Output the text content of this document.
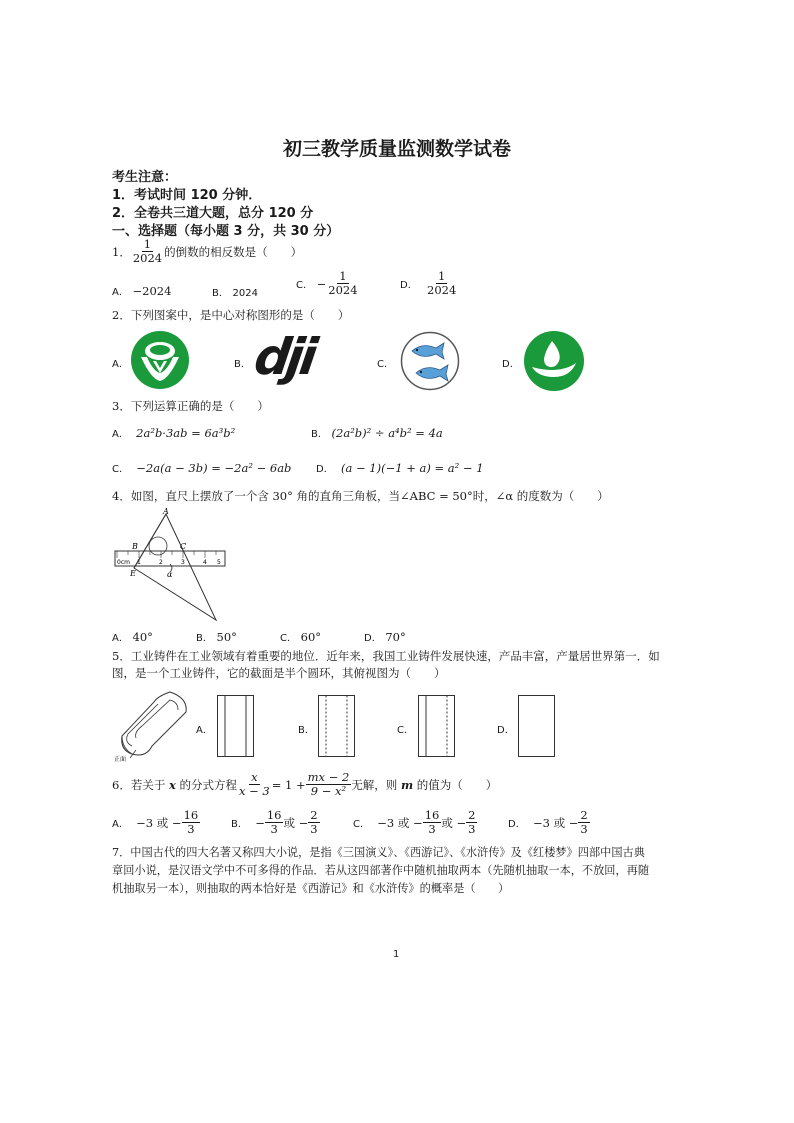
初三教学质量监测数学试卷
考生注意：
1．考试时间 120 分钟．
2．全卷共三道大题，总分 120 分
一、选择题（每小题 3 分，共 30 分）
1． $\frac{1}{2024}$ 的倒数的相反数是（　　）
A． −2024	B． 2024
C．
− $\frac{1}{2024}$	D．
$\frac{1}{2024}$
2．下列图案中，是中心对称图形的是（　　）
A．	B． dji	C．	D．
3．下列运算正确的是（　　）
A． 2a²b·3ab = 6a³b²	B． (2a²b)² ÷ a⁴b² = 4a
C． −2a(a − 3b) = −2a² − 6ab D． (a − 1)(−1 + a) = a² − 1
4．如图，直尺上摆放了一个含 30° 角的直角三角板，当∠ABC = 50°时，∠α 的度数为（　　）
A
B	C
E	α
0cm 1	2	3	4 5
A． 40°	B． 50°	C． 60°	D． 70°
5．工业铸件在工业领域有着重要的地位．近年来，我国工业铸件发展快速，产品丰富，产量居世界第一．如
图，是一个工业铸件，它的截面是半个圆环，其俯视图为（　　）
正面
A．	B．	C．	D．
6．若关于
x
的分式方程 $\frac{x}{x - 3} = 1 + \frac{mx - 2}{\text{9 − x²}}$ 无解，则
m
的值为（　　）
A．
−3 或 − $\frac{16}{3}$	B．
− $\frac{16}{3}$ 或 − $\frac{2}{3}$	C．
−3 或 − $\frac{16}{3}$ 或 − $\frac{2}{3}$	D．
−3 或 − $\frac{2}{3}$
7．中国古代的四大名著又称四大小说，是指《三国演义》、《西游记》、《水浒传》及《红楼梦》四部中国古典
章回小说，是汉语文学中不可多得的作品．若从这四部著作中随机抽取两本（先随机抽取一本，不放回，再随
机抽取另一本），则抽取的两本恰好是《西游记》和《水浒传》的概率是（　　）
1
